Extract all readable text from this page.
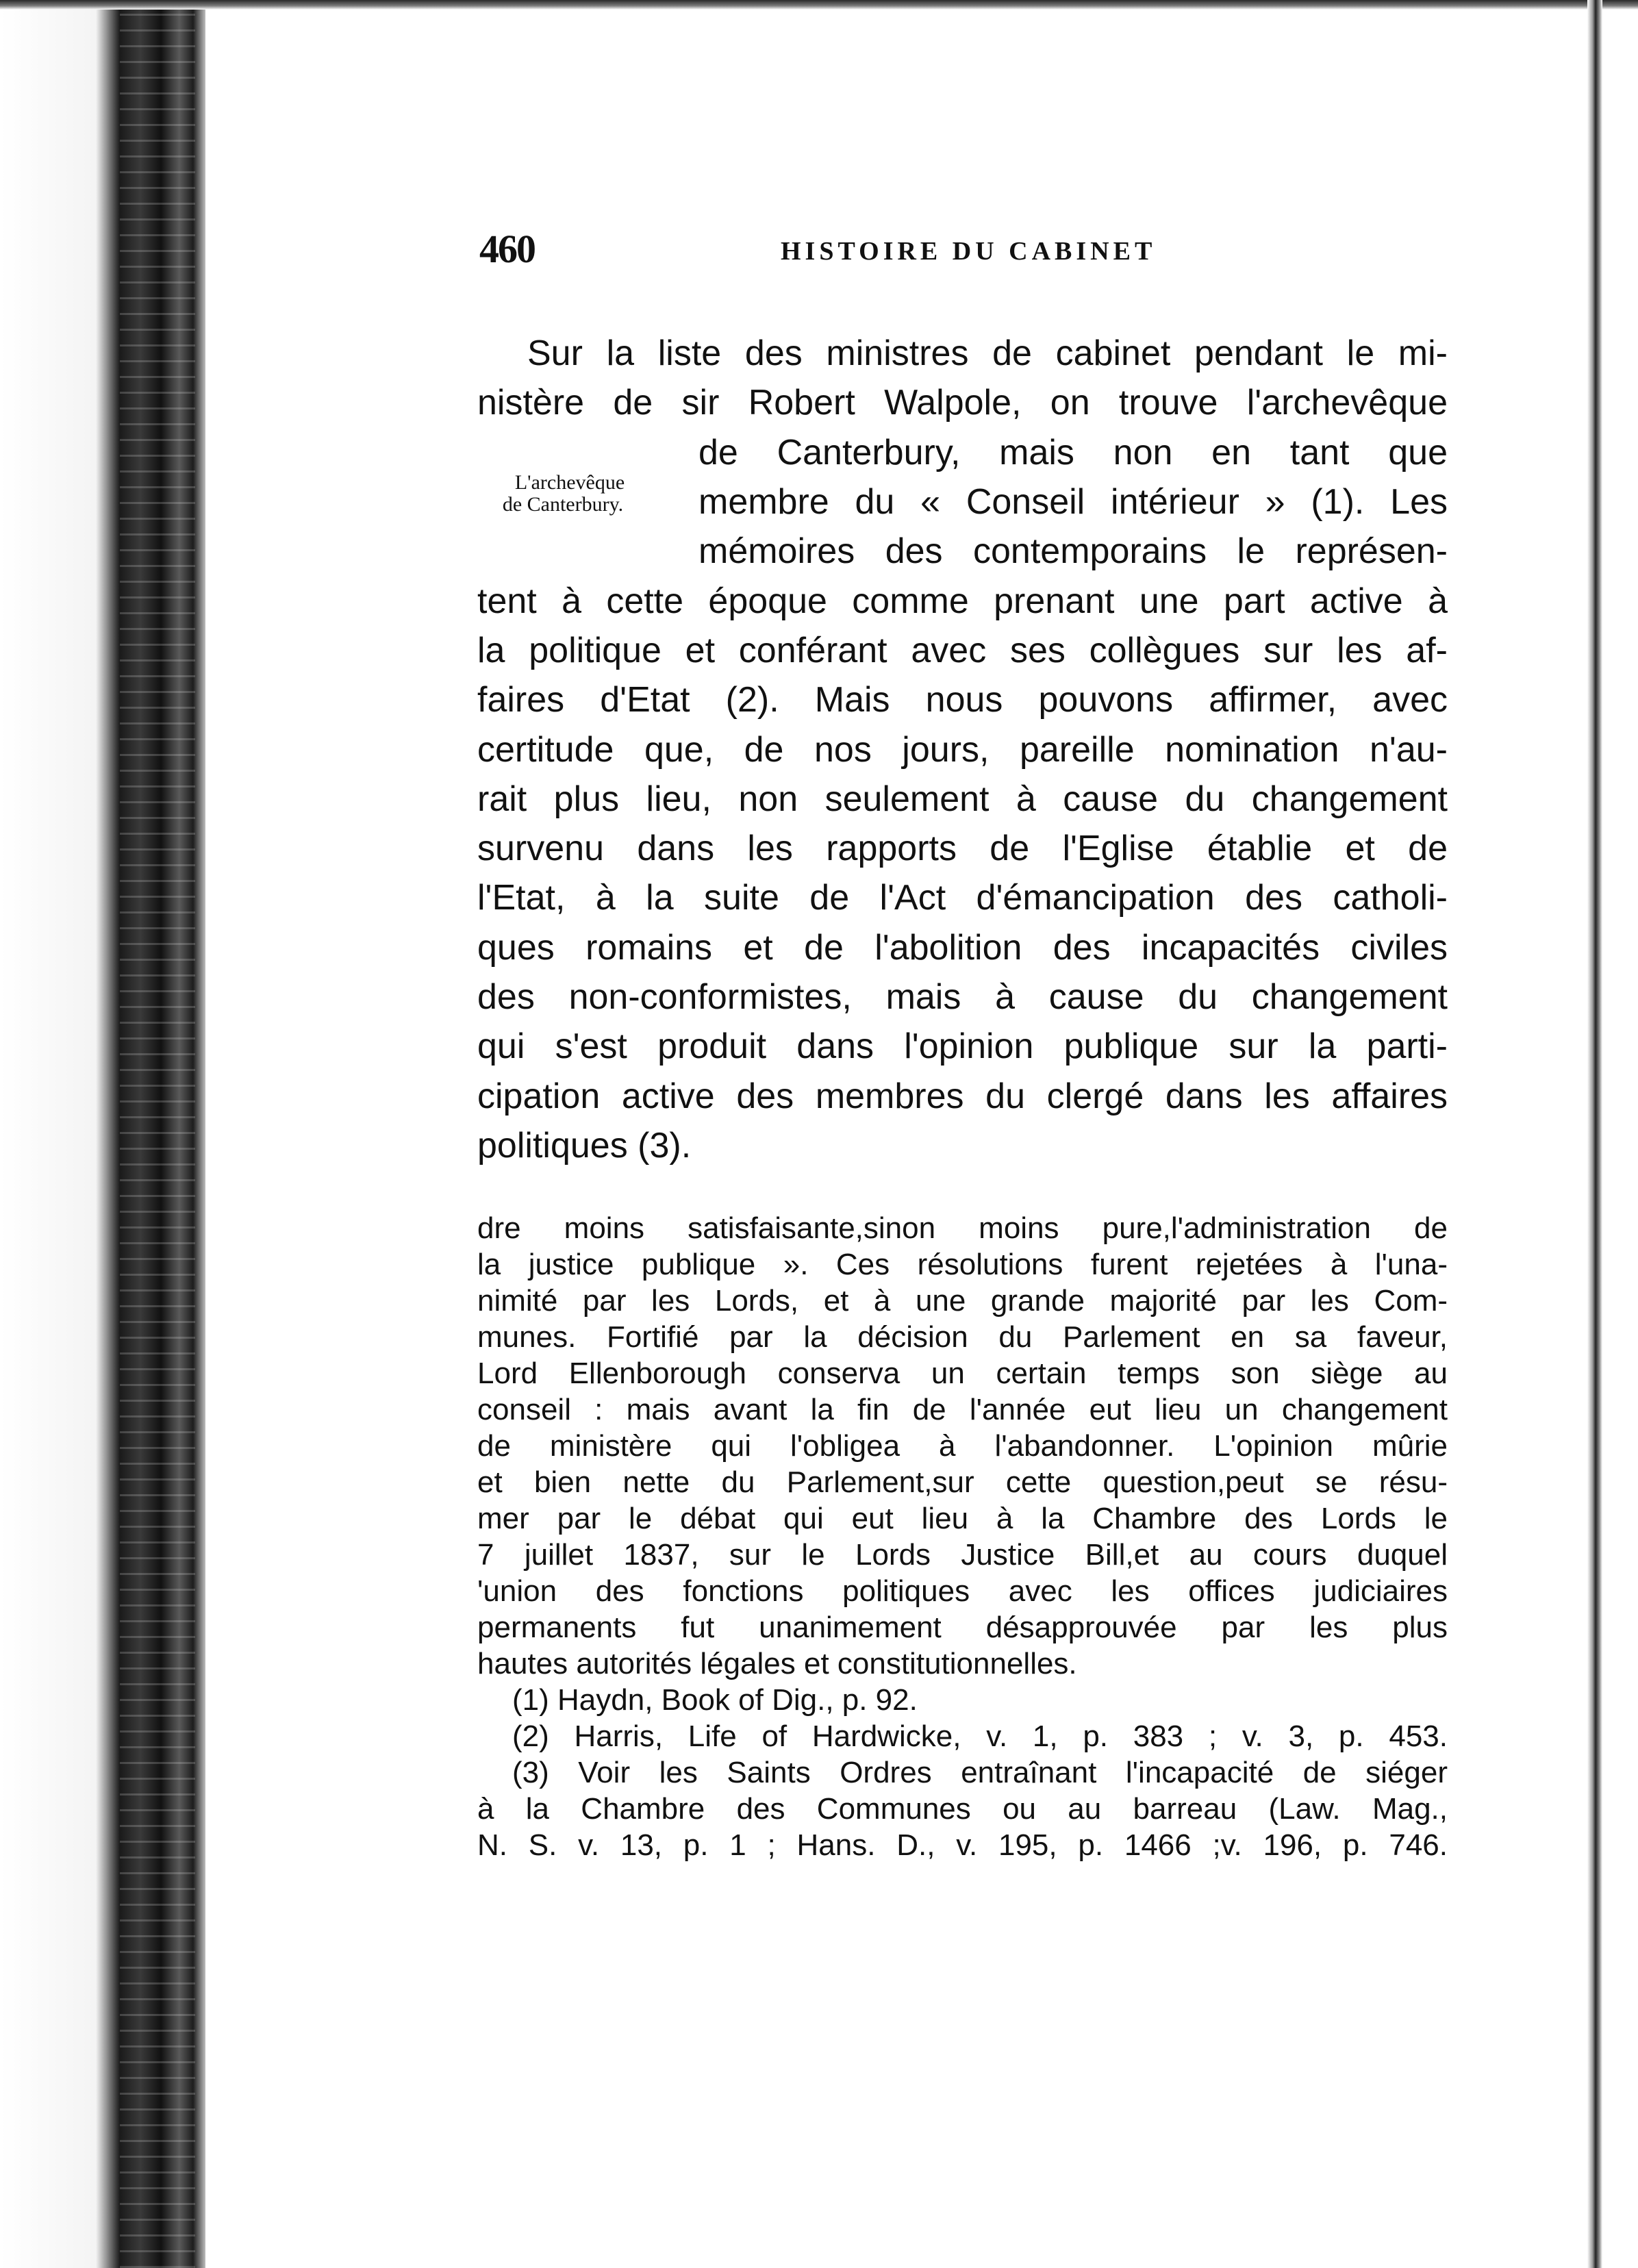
460	HISTOIRE DU CABINET
L'archevêque
de Canterbury.
Sur la liste des ministres de cabinet pendant le mi-
nistère de sir Robert Walpole, on trouve l'archevêque
de Canterbury, mais non en tant que
membre du « Conseil intérieur » (1). Les
mémoires des contemporains le représen-
tent à cette époque comme prenant une part active à
la politique et conférant avec ses collègues sur les af-
faires d'Etat (2). Mais nous pouvons affirmer, avec
certitude que, de nos jours, pareille nomination n'au-
rait plus lieu, non seulement à cause du changement
survenu dans les rapports de l'Eglise établie et de
l'Etat, à la suite de l'Act d'émancipation des catholi-
ques romains et de l'abolition des incapacités civiles
des non-conformistes, mais à cause du changement
qui s'est produit dans l'opinion publique sur la parti-
cipation active des membres du clergé dans les affaires
politiques (3).
dre moins satisfaisante,sinon moins pure,l'administration de
la justice publique ». Ces résolutions furent rejetées à l'una-
nimité par les Lords, et à une grande majorité par les Com-
munes. Fortifié par la décision du Parlement en sa faveur,
Lord Ellenborough conserva un certain temps son siège au
conseil : mais avant la fin de l'année eut lieu un changement
de ministère qui l'obligea à l'abandonner. L'opinion mûrie
et bien nette du Parlement,sur cette question,peut se résu-
mer par le débat qui eut lieu à la Chambre des Lords le
7 juillet 1837, sur le Lords Justice Bill,et au cours duquel
'union des fonctions politiques avec les offices judiciaires
permanents fut unanimement désapprouvée par les plus
hautes autorités légales et constitutionnelles.
(1) Haydn, Book of Dig., p. 92.
(2) Harris, Life of Hardwicke, v. 1, p. 383 ; v. 3, p. 453.
(3) Voir les Saints Ordres entraînant l'incapacité de siéger
à la Chambre des Communes ou au barreau (Law. Mag.,
N. S. v. 13, p. 1 ; Hans. D., v. 195, p. 1466 ;v. 196, p. 746.
